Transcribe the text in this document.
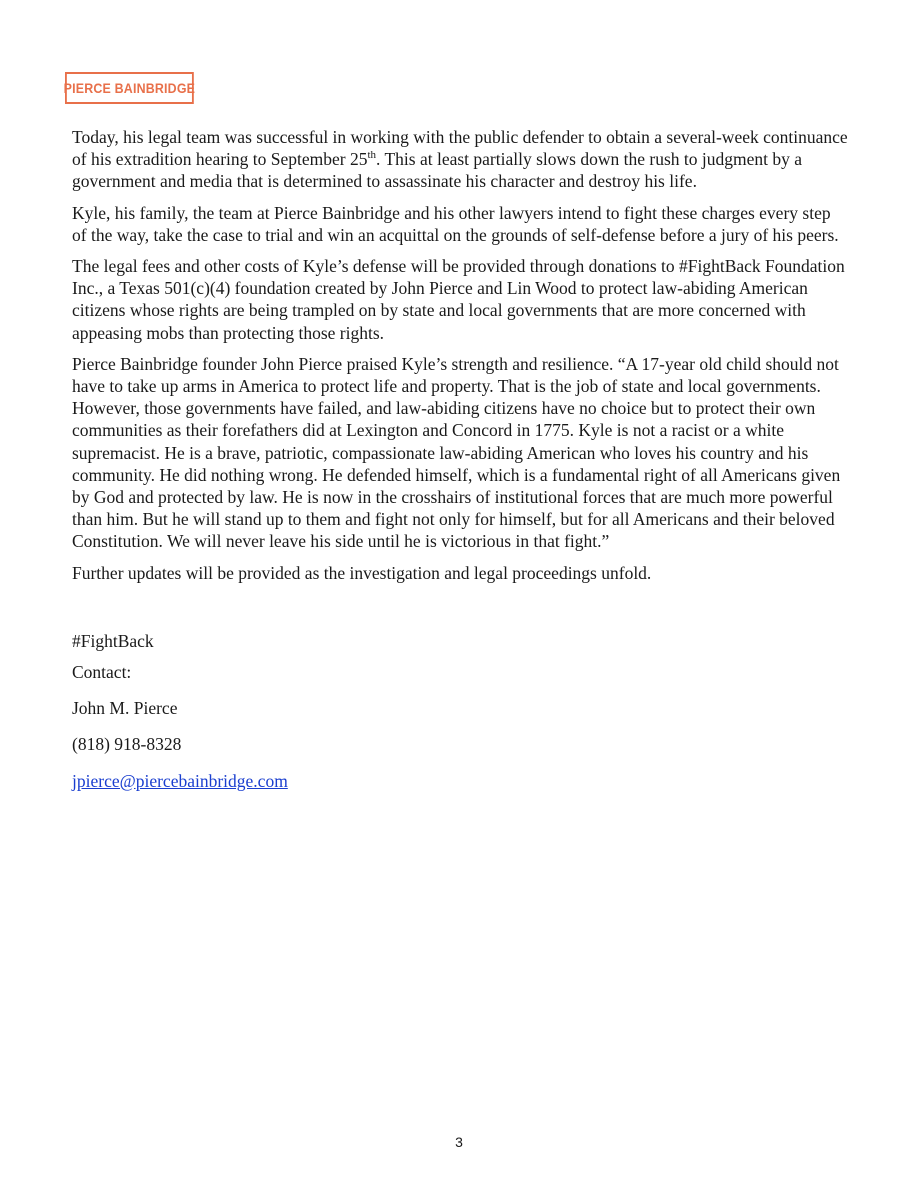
PIERCE BAINBRIDGE

Today, his legal team was successful in working with the public defender to obtain a several-week continuance of his extradition hearing to September 25th. This at least partially slows down the rush to judgment by a government and media that is determined to assassinate his character and destroy his life.

Kyle, his family, the team at Pierce Bainbridge and his other lawyers intend to fight these charges every step of the way, take the case to trial and win an acquittal on the grounds of self-defense before a jury of his peers.

The legal fees and other costs of Kyle’s defense will be provided through donations to #FightBack Foundation Inc., a Texas 501(c)(4) foundation created by John Pierce and Lin Wood to protect law-abiding American citizens whose rights are being trampled on by state and local governments that are more concerned with appeasing mobs than protecting those rights.

Pierce Bainbridge founder John Pierce praised Kyle’s strength and resilience. “A 17-year old child should not have to take up arms in America to protect life and property. That is the job of state and local governments. However, those governments have failed, and law-abiding citizens have no choice but to protect their own communities as their forefathers did at Lexington and Concord in 1775. Kyle is not a racist or a white supremacist. He is a brave, patriotic, compassionate law-abiding American who loves his country and his community. He did nothing wrong. He defended himself, which is a fundamental right of all Americans given by God and protected by law. He is now in the crosshairs of institutional forces that are much more powerful than him. But he will stand up to them and fight not only for himself, but for all Americans and their beloved Constitution. We will never leave his side until he is victorious in that fight.”

Further updates will be provided as the investigation and legal proceedings unfold.

#FightBack

Contact:

John M. Pierce

(818) 918-8328

jpierce@piercebainbridge.com

3
